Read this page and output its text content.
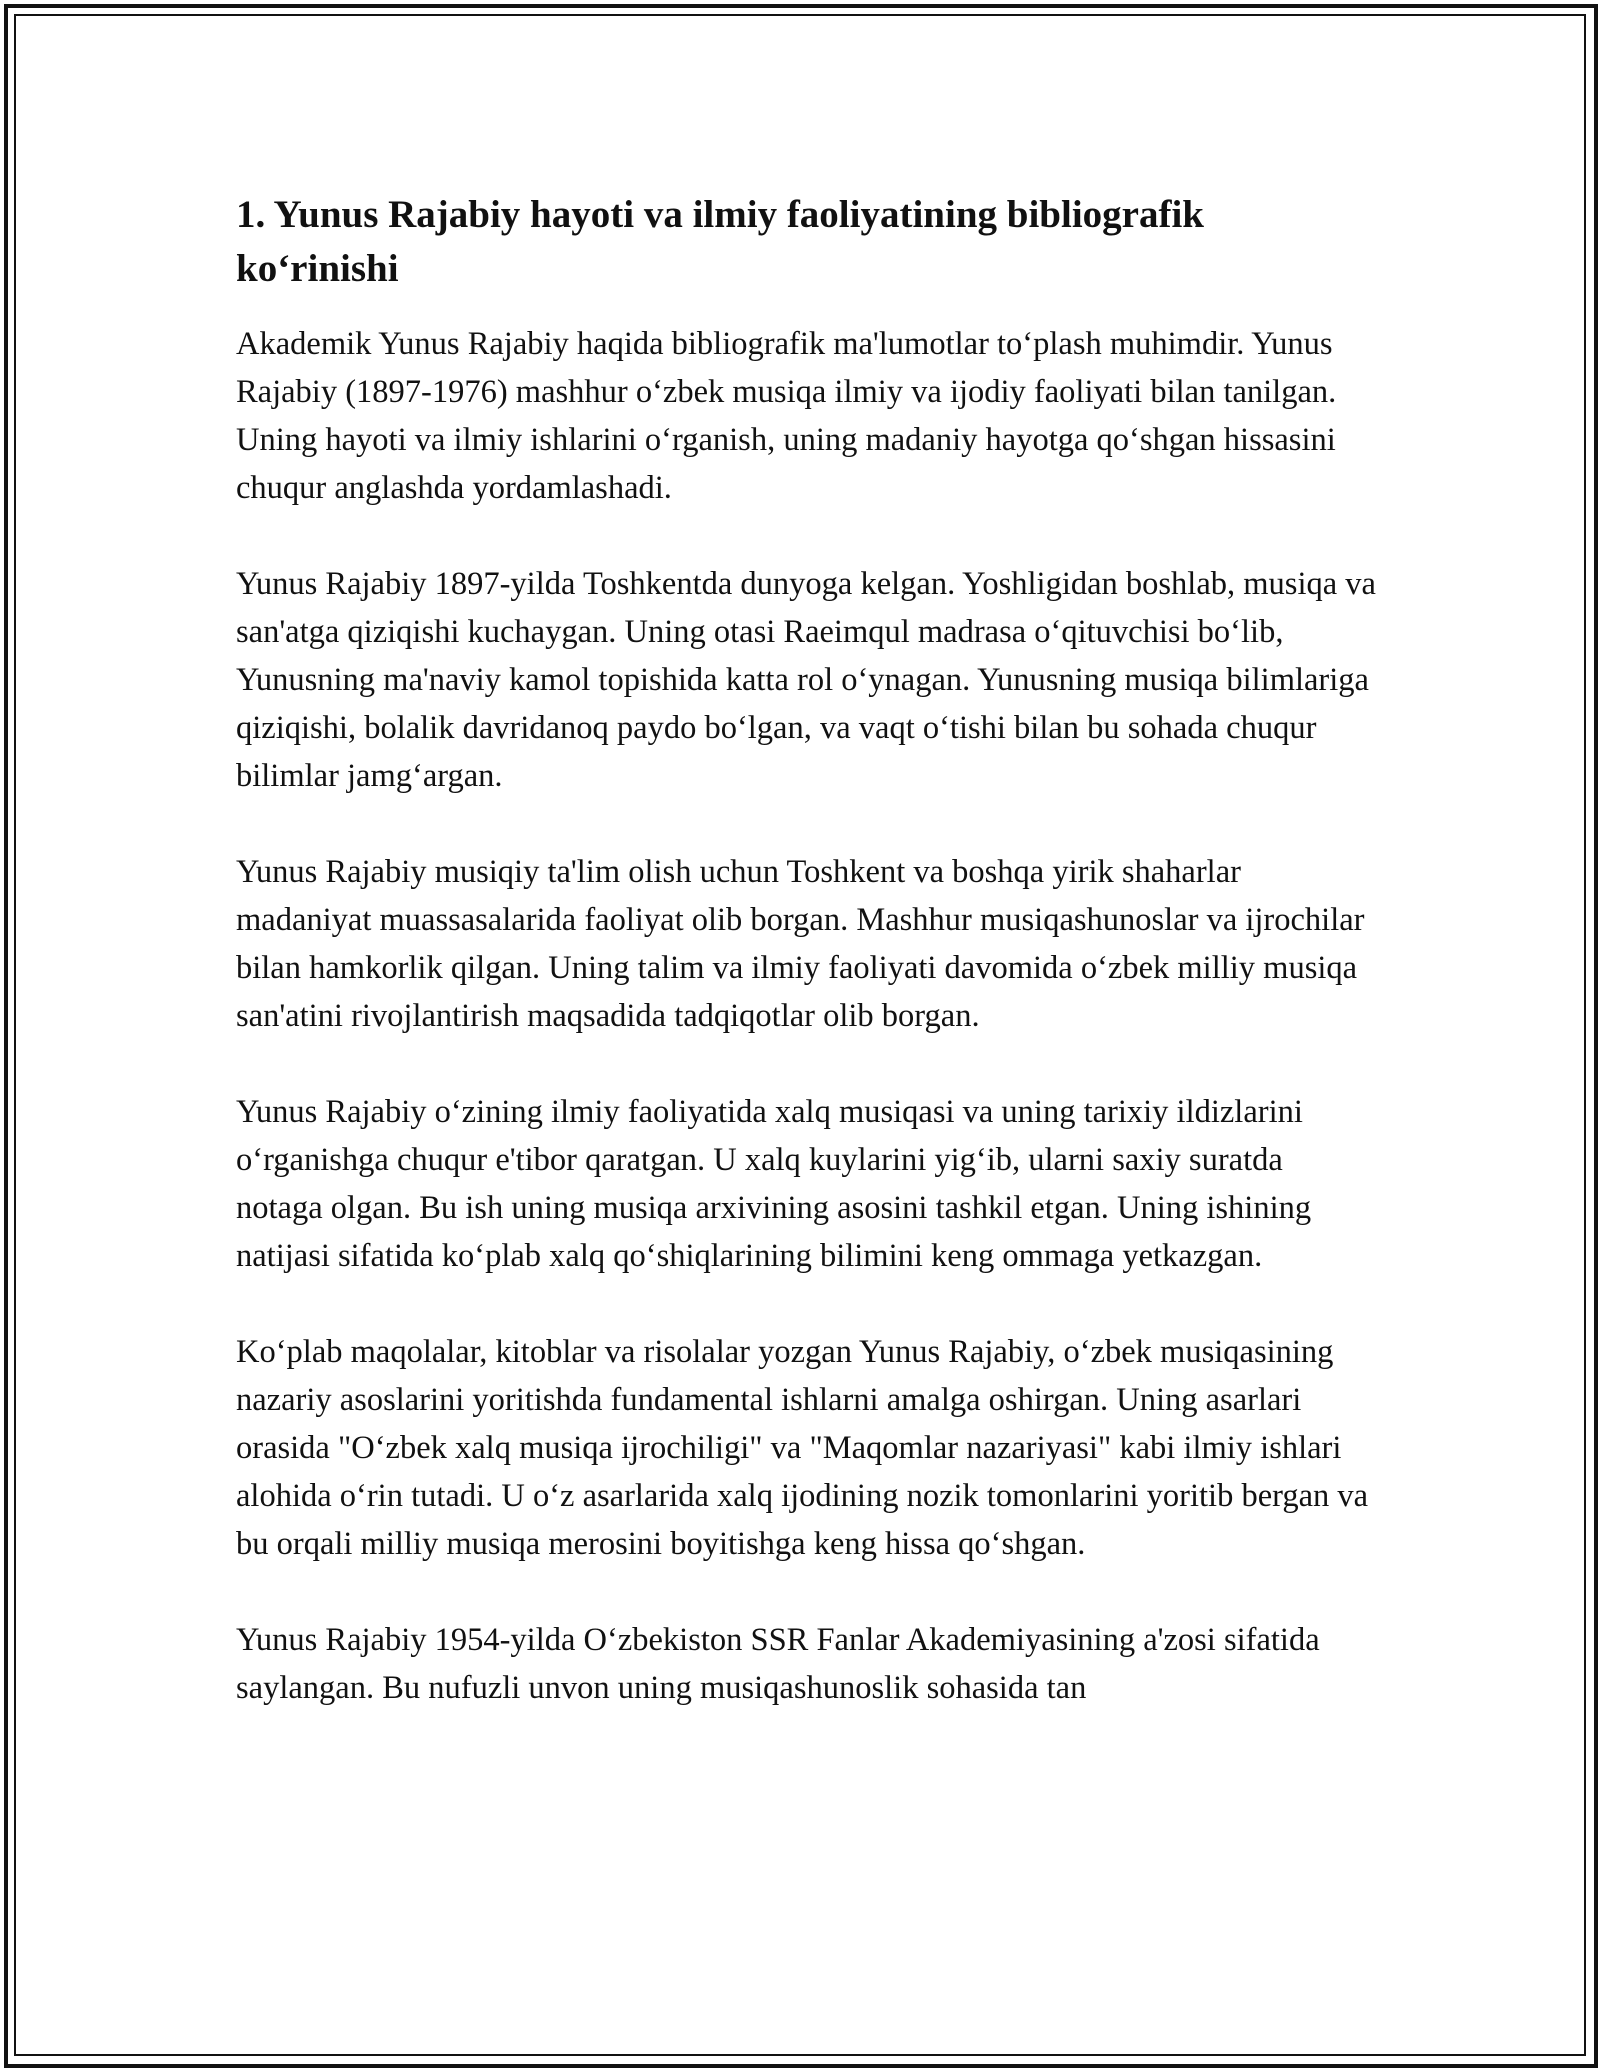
1. Yunus Rajabiy hayoti va ilmiy faoliyatining bibliografik ko‘rinishi

Akademik Yunus Rajabiy haqida bibliografik ma'lumotlar to‘plash muhimdir. Yunus Rajabiy (1897-1976) mashhur o‘zbek musiqa ilmiy va ijodiy faoliyati bilan tanilgan. Uning hayoti va ilmiy ishlarini o‘rganish, uning madaniy hayotga qo‘shgan hissasini chuqur anglashda yordamlashadi.

Yunus Rajabiy 1897-yilda Toshkentda dunyoga kelgan. Yoshligidan boshlab, musiqa va san'atga qiziqishi kuchaygan. Uning otasi Raeimqul madrasa o‘qituvchisi bo‘lib, Yunusning ma'naviy kamol topishida katta rol o‘ynagan. Yunusning musiqa bilimlariga qiziqishi, bolalik davridanoq paydo bo‘lgan, va vaqt o‘tishi bilan bu sohada chuqur bilimlar jamg‘argan.

Yunus Rajabiy musiqiy ta'lim olish uchun Toshkent va boshqa yirik shaharlar madaniyat muassasalarida faoliyat olib borgan. Mashhur musiqashunoslar va ijrochilar bilan hamkorlik qilgan. Uning talim va ilmiy faoliyati davomida o‘zbek milliy musiqa san'atini rivojlantirish maqsadida tadqiqotlar olib borgan.

Yunus Rajabiy o‘zining ilmiy faoliyatida xalq musiqasi va uning tarixiy ildizlarini o‘rganishga chuqur e'tibor qaratgan. U xalq kuylarini yig‘ib, ularni saxiy suratda notaga olgan. Bu ish uning musiqa arxivining asosini tashkil etgan. Uning ishining natijasi sifatida ko‘plab xalq qo‘shiqlarining bilimini keng ommaga yetkazgan.

Ko‘plab maqolalar, kitoblar va risolalar yozgan Yunus Rajabiy, o‘zbek musiqasining nazariy asoslarini yoritishda fundamental ishlarni amalga oshirgan. Uning asarlari orasida "O‘zbek xalq musiqa ijrochiligi" va "Maqomlar nazariyasi" kabi ilmiy ishlari alohida o‘rin tutadi. U o‘z asarlarida xalq ijodining nozik tomonlarini yoritib bergan va bu orqali milliy musiqa merosini boyitishga keng hissa qo‘shgan.

Yunus Rajabiy 1954-yilda O‘zbekiston SSR Fanlar Akademiyasining a'zosi sifatida saylangan. Bu nufuzli unvon uning musiqashunoslik sohasida tan
